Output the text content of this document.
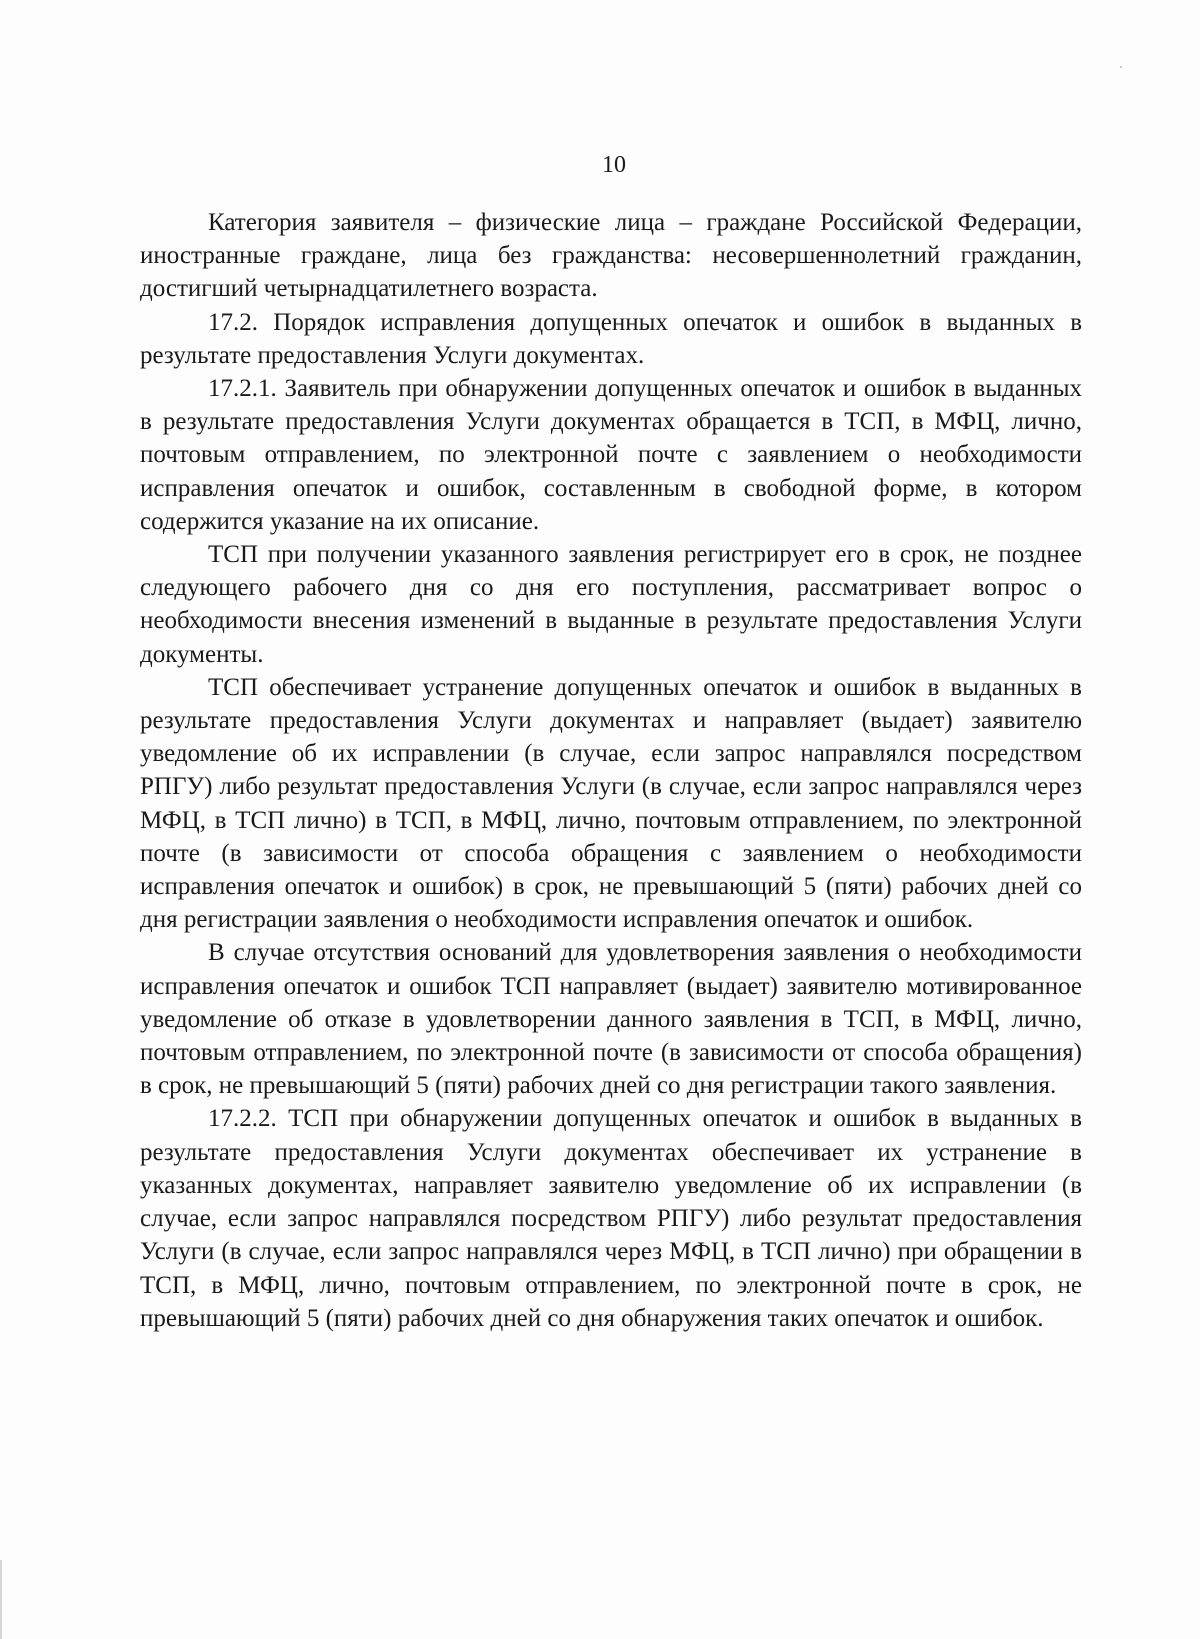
10

Категория заявителя – физические лица – граждане Российской Федерации, иностранные граждане, лица без гражданства: несовершеннолетний гражданин, достигший четырнадцатилетнего возраста.

17.2. Порядок исправления допущенных опечаток и ошибок в выданных в результате предоставления Услуги документах.

17.2.1. Заявитель при обнаружении допущенных опечаток и ошибок в выданных в результате предоставления Услуги документах обращается в ТСП, в МФЦ, лично, почтовым отправлением, по электронной почте с заявлением о необходимости исправления опечаток и ошибок, составленным в свободной форме, в котором содержится указание на их описание.

ТСП при получении указанного заявления регистрирует его в срок, не позднее следующего рабочего дня со дня его поступления, рассматривает вопрос о необходимости внесения изменений в выданные в результате предоставления Услуги документы.

ТСП обеспечивает устранение допущенных опечаток и ошибок в выданных в результате предоставления Услуги документах и направляет (выдает) заявителю уведомление об их исправлении (в случае, если запрос направлялся посредством РПГУ) либо результат предоставления Услуги (в случае, если запрос направлялся через МФЦ, в ТСП лично) в ТСП, в МФЦ, лично, почтовым отправлением, по электронной почте (в зависимости от способа обращения с заявлением о необходимости исправления опечаток и ошибок) в срок, не превышающий 5 (пяти) рабочих дней со дня регистрации заявления о необходимости исправления опечаток и ошибок.

В случае отсутствия оснований для удовлетворения заявления о необходимости исправления опечаток и ошибок ТСП направляет (выдает) заявителю мотивированное уведомление об отказе в удовлетворении данного заявления в ТСП, в МФЦ, лично, почтовым отправлением, по электронной почте (в зависимости от способа обращения) в срок, не превышающий 5 (пяти) рабочих дней со дня регистрации такого заявления.

17.2.2. ТСП при обнаружении допущенных опечаток и ошибок в выданных в результате предоставления Услуги документах обеспечивает их устранение в указанных документах, направляет заявителю уведомление об их исправлении (в случае, если запрос направлялся посредством РПГУ) либо результат предоставления Услуги (в случае, если запрос направлялся через МФЦ, в ТСП лично) при обращении в ТСП, в МФЦ, лично, почтовым отправлением, по электронной почте в срок, не превышающий 5 (пяти) рабочих дней со дня обнаружения таких опечаток и ошибок.
